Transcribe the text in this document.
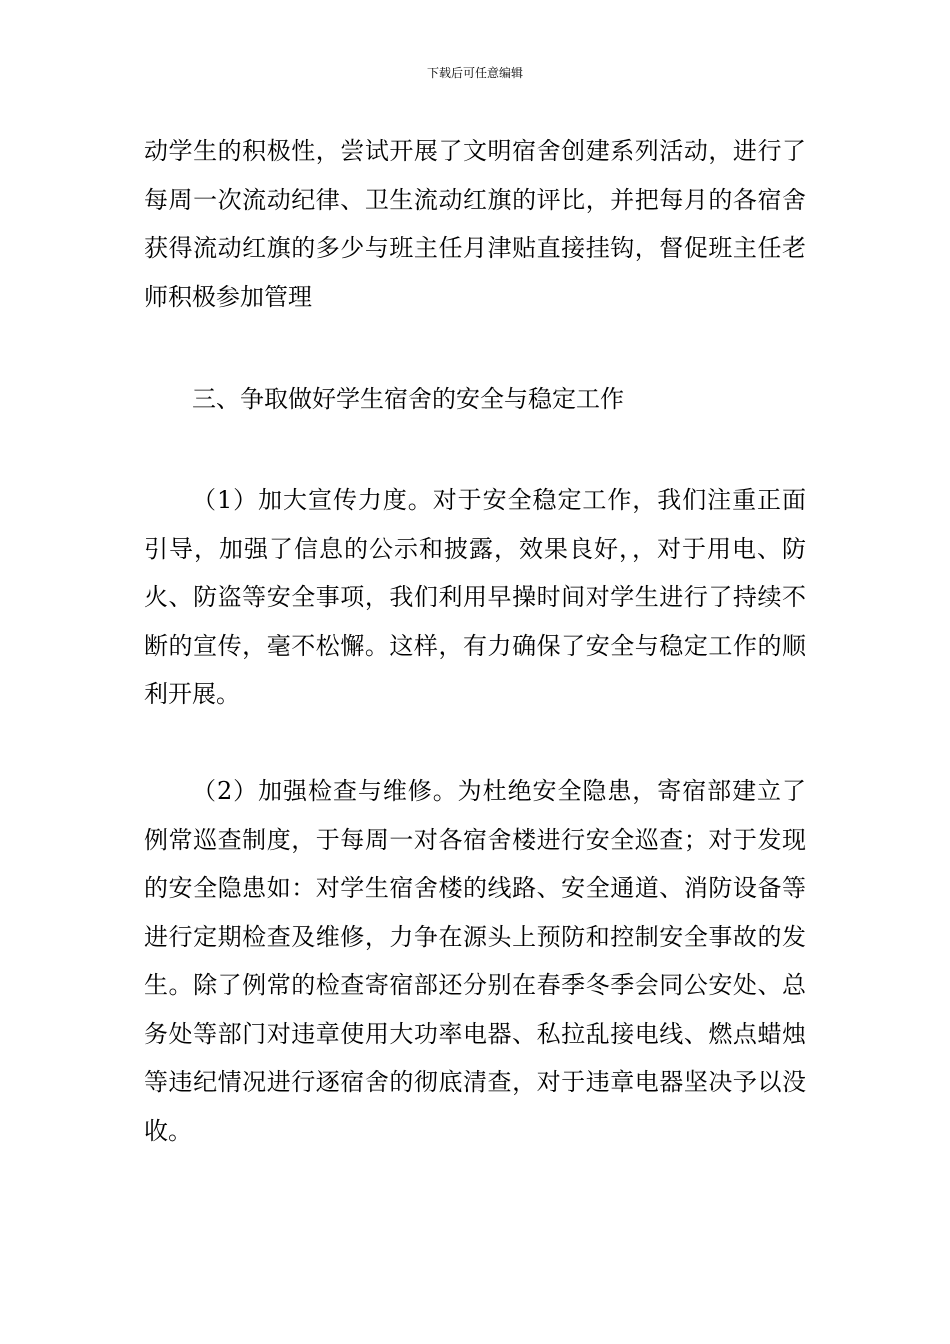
下载后可任意编辑

动学生的积极性，尝试开展了文明宿舍创建系列活动，进行了每周一次流动纪律、卫生流动红旗的评比，并把每月的各宿舍获得流动红旗的多少与班主任月津贴直接挂钩，督促班主任老师积极参加管理

三、争取做好学生宿舍的安全与稳定工作

（1）加大宣传力度。对于安全稳定工作，我们注重正面引导，加强了信息的公示和披露，效果良好，，对于用电、防火、防盗等安全事项，我们利用早操时间对学生进行了持续不断的宣传，毫不松懈。这样，有力确保了安全与稳定工作的顺利开展。

（2）加强检查与维修。为杜绝安全隐患，寄宿部建立了例常巡查制度，于每周一对各宿舍楼进行安全巡查；对于发现的安全隐患如：对学生宿舍楼的线路、安全通道、消防设备等进行定期检查及维修，力争在源头上预防和控制安全事故的发生。除了例常的检查寄宿部还分别在春季冬季会同公安处、总务处等部门对违章使用大功率电器、私拉乱接电线、燃点蜡烛等违纪情况进行逐宿舍的彻底清查，对于违章电器坚决予以没收。
